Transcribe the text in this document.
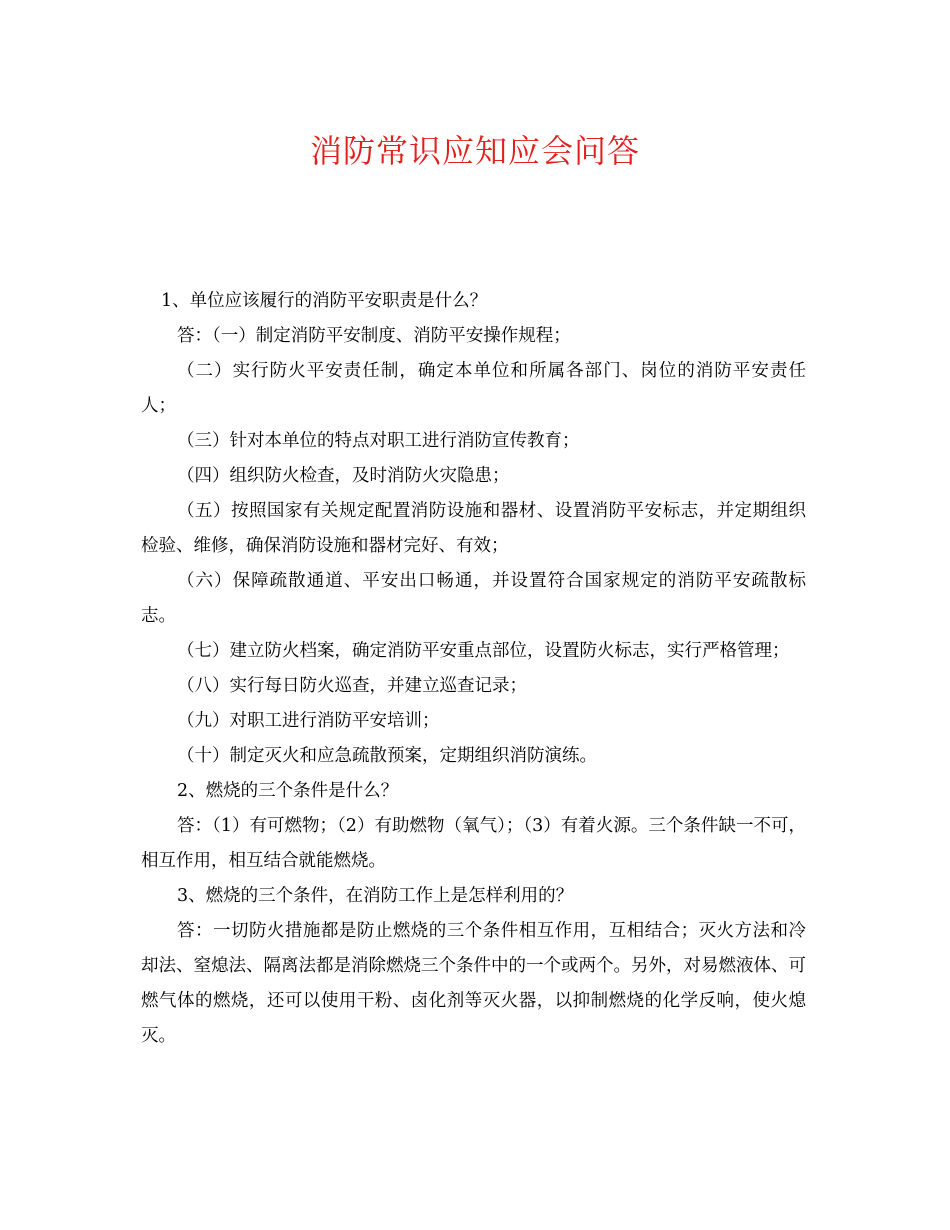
消防常识应知应会问答

1、单位应该履行的消防平安职责是什么？

答：（一）制定消防平安制度、消防平安操作规程；

（二）实行防火平安责任制，确定本单位和所属各部门、岗位的消防平安责任人；

（三）针对本单位的特点对职工进行消防宣传教育；

（四）组织防火检查，及时消防火灾隐患；

（五）按照国家有关规定配置消防设施和器材、设置消防平安标志，并定期组织检验、维修，确保消防设施和器材完好、有效；

（六）保障疏散通道、平安出口畅通，并设置符合国家规定的消防平安疏散标志。

（七）建立防火档案，确定消防平安重点部位，设置防火标志，实行严格管理；

（八）实行每日防火巡查，并建立巡查记录；

（九）对职工进行消防平安培训；

（十）制定灭火和应急疏散预案，定期组织消防演练。

2、燃烧的三个条件是什么？

答：（1）有可燃物；（2）有助燃物（氧气）；（3）有着火源。三个条件缺一不可，相互作用，相互结合就能燃烧。

3、燃烧的三个条件，在消防工作上是怎样利用的？

答：一切防火措施都是防止燃烧的三个条件相互作用，互相结合；灭火方法和冷却法、窒熄法、隔离法都是消除燃烧三个条件中的一个或两个。另外，对易燃液体、可燃气体的燃烧，还可以使用干粉、卤化剂等灭火器，以抑制燃烧的化学反响，使火熄灭。
